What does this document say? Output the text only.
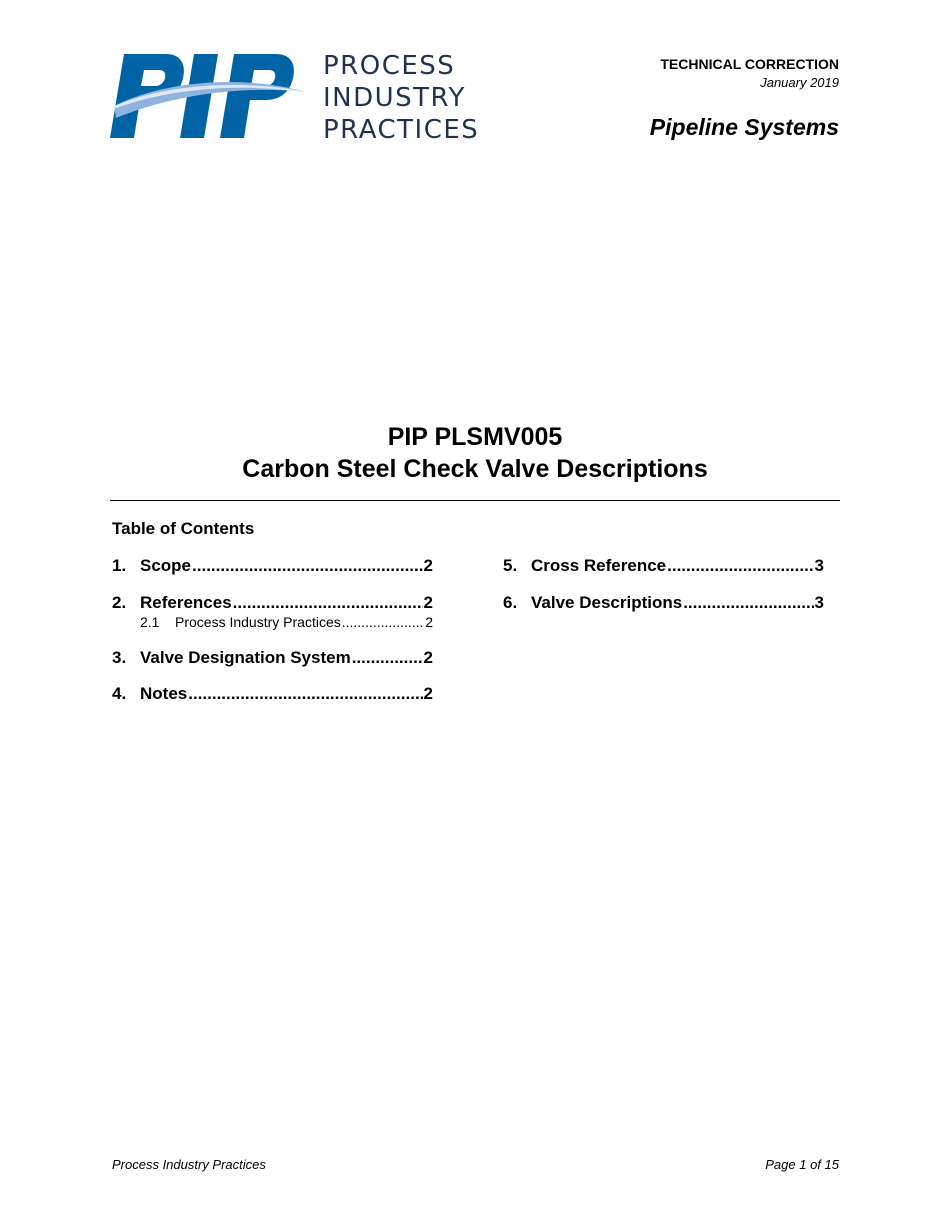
PROCESS
INDUSTRY
PRACTICES
TECHNICAL CORRECTION
January 2019
Pipeline Systems
PIP PLSMV005
Carbon Steel Check Valve Descriptions
Table of Contents
1. Scope .....	2
2. References .....	2
2.1	Process Industry Practices .....	2
3. Valve Designation System .....	2
4. Notes .....	2
5. Cross Reference .....	3
6. Valve Descriptions .....	3
Process Industry Practices	Page 1 of 15
